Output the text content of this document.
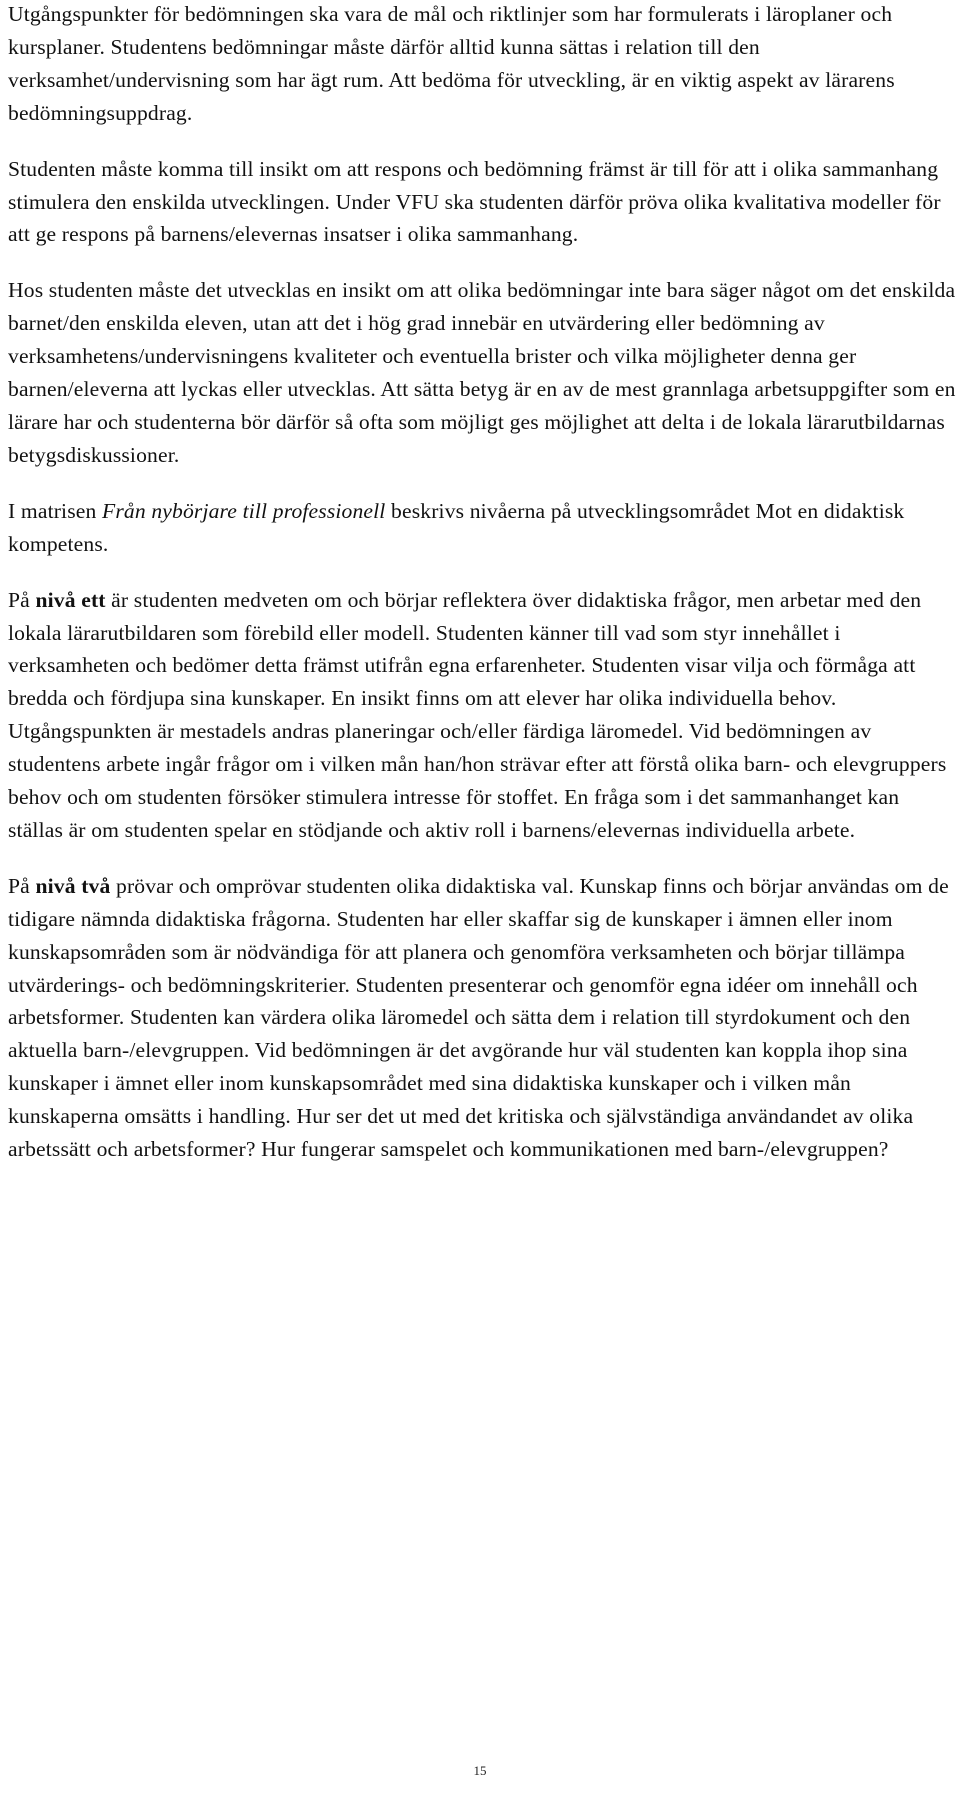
Utgångspunkter för bedömningen ska vara de mål och riktlinjer som har formulerats i läroplaner och kursplaner. Studentens bedömningar måste därför alltid kunna sättas i relation till den verksamhet/undervisning som har ägt rum. Att bedöma för utveckling, är en viktig aspekt av lärarens bedömningsuppdrag.

Studenten måste komma till insikt om att respons och bedömning främst är till för att i olika sammanhang stimulera den enskilda utvecklingen. Under VFU ska studenten därför pröva olika kvalitativa modeller för att ge respons på barnens/elevernas insatser i olika sammanhang.

Hos studenten måste det utvecklas en insikt om att olika bedömningar inte bara säger något om det enskilda barnet/den enskilda eleven, utan att det i hög grad innebär en utvärdering eller bedömning av verksamhetens/undervisningens kvaliteter och eventuella brister och vilka möjligheter denna ger barnen/eleverna att lyckas eller utvecklas. Att sätta betyg är en av de mest grannlaga arbetsuppgifter som en lärare har och studenterna bör därför så ofta som möjligt ges möjlighet att delta i de lokala lärarutbildarnas betygsdiskussioner.

I matrisen Från nybörjare till professionell beskrivs nivåerna på utvecklingsområdet Mot en didaktisk kompetens.

På nivå ett är studenten medveten om och börjar reflektera över didaktiska frågor, men arbetar med den lokala lärarutbildaren som förebild eller modell. Studenten känner till vad som styr innehållet i verksamheten och bedömer detta främst utifrån egna erfarenheter. Studenten visar vilja och förmåga att bredda och fördjupa sina kunskaper. En insikt finns om att elever har olika individuella behov. Utgångspunkten är mestadels andras planeringar och/eller färdiga läromedel. Vid bedömningen av studentens arbete ingår frågor om i vilken mån han/hon strävar efter att förstå olika barn- och elevgruppers behov och om studenten försöker stimulera intresse för stoffet. En fråga som i det sammanhanget kan ställas är om studenten spelar en stödjande och aktiv roll i barnens/elevernas individuella arbete.

På nivå två prövar och omprövar studenten olika didaktiska val. Kunskap finns och börjar användas om de tidigare nämnda didaktiska frågorna. Studenten har eller skaffar sig de kunskaper i ämnen eller inom kunskapsområden som är nödvändiga för att planera och genomföra verksamheten och börjar tillämpa utvärderings- och bedömningskriterier. Studenten presenterar och genomför egna idéer om innehåll och arbetsformer. Studenten kan värdera olika läromedel och sätta dem i relation till styrdokument och den aktuella barn-/elevgruppen. Vid bedömningen är det avgörande hur väl studenten kan koppla ihop sina kunskaper i ämnet eller inom kunskapsområdet med sina didaktiska kunskaper och i vilken mån kunskaperna omsätts i handling. Hur ser det ut med det kritiska och självständiga användandet av olika arbetssätt och arbetsformer? Hur fungerar samspelet och kommunikationen med barn-/elevgruppen?

15
